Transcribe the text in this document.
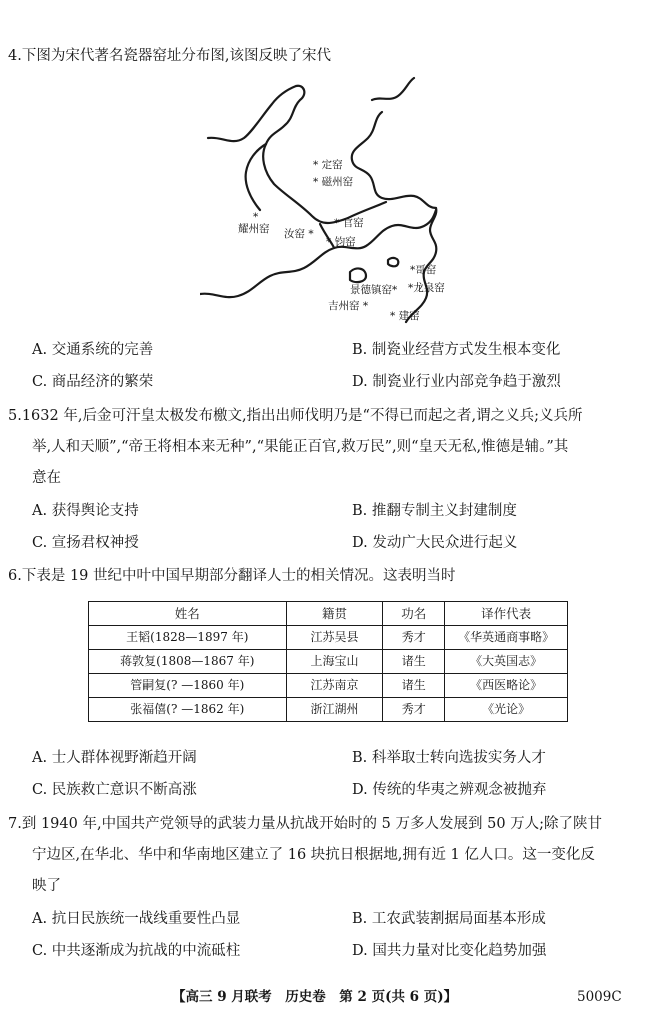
4.下图为宋代著名瓷器窑址分布图,该图反映了宋代
* 定窑
* 磁州窑
*
耀州窑 汝窑 *
* 官窑
* 钧窑
*哥窑
景德镇窑* *龙泉窑
吉州窑 *
* 建窑
A. 交通系统的完善	B. 制瓷业经营方式发生根本变化
C. 商品经济的繁荣	D. 制瓷业行业内部竞争趋于激烈
5.1632 年,后金可汗皇太极发布檄文,指出出师伐明乃是“不得已而起之者,谓之义兵;义兵所
举,人和天顺”,“帝王将相本来无种”,“果能正百官,救万民”,则“皇天无私,惟德是辅。”其
意在
A. 获得舆论支持	B. 推翻专制主义封建制度
C. 宣扬君权神授	D. 发动广大民众进行起义
6.下表是 19 世纪中叶中国早期部分翻译人士的相关情况。这表明当时
姓名	籍贯	功名	译作代表
王韬(1828—1897 年)	江苏吴县	秀才	《华英通商事略》
蒋敦复(1808—1867 年)	上海宝山	诸生	《大英国志》
管嗣复(? —1860 年)	江苏南京	诸生	《西医略论》
张福僖(? —1862 年)	浙江湖州	秀才	《光论》
A. 士人群体视野渐趋开阔	B. 科举取士转向选拔实务人才
C. 民族救亡意识不断高涨	D. 传统的华夷之辨观念被抛弃
7.到 1940 年,中国共产党领导的武装力量从抗战开始时的 5 万多人发展到 50 万人;除了陕甘
宁边区,在华北、华中和华南地区建立了 16 块抗日根据地,拥有近 1 亿人口。这一变化反
映了
A. 抗日民族统一战线重要性凸显	B. 工农武装割据局面基本形成
C. 中共逐渐成为抗战的中流砥柱	D. 国共力量对比变化趋势加强
【高三 9 月联考　历史卷　第 2 页(共 6 页)】	5009C
